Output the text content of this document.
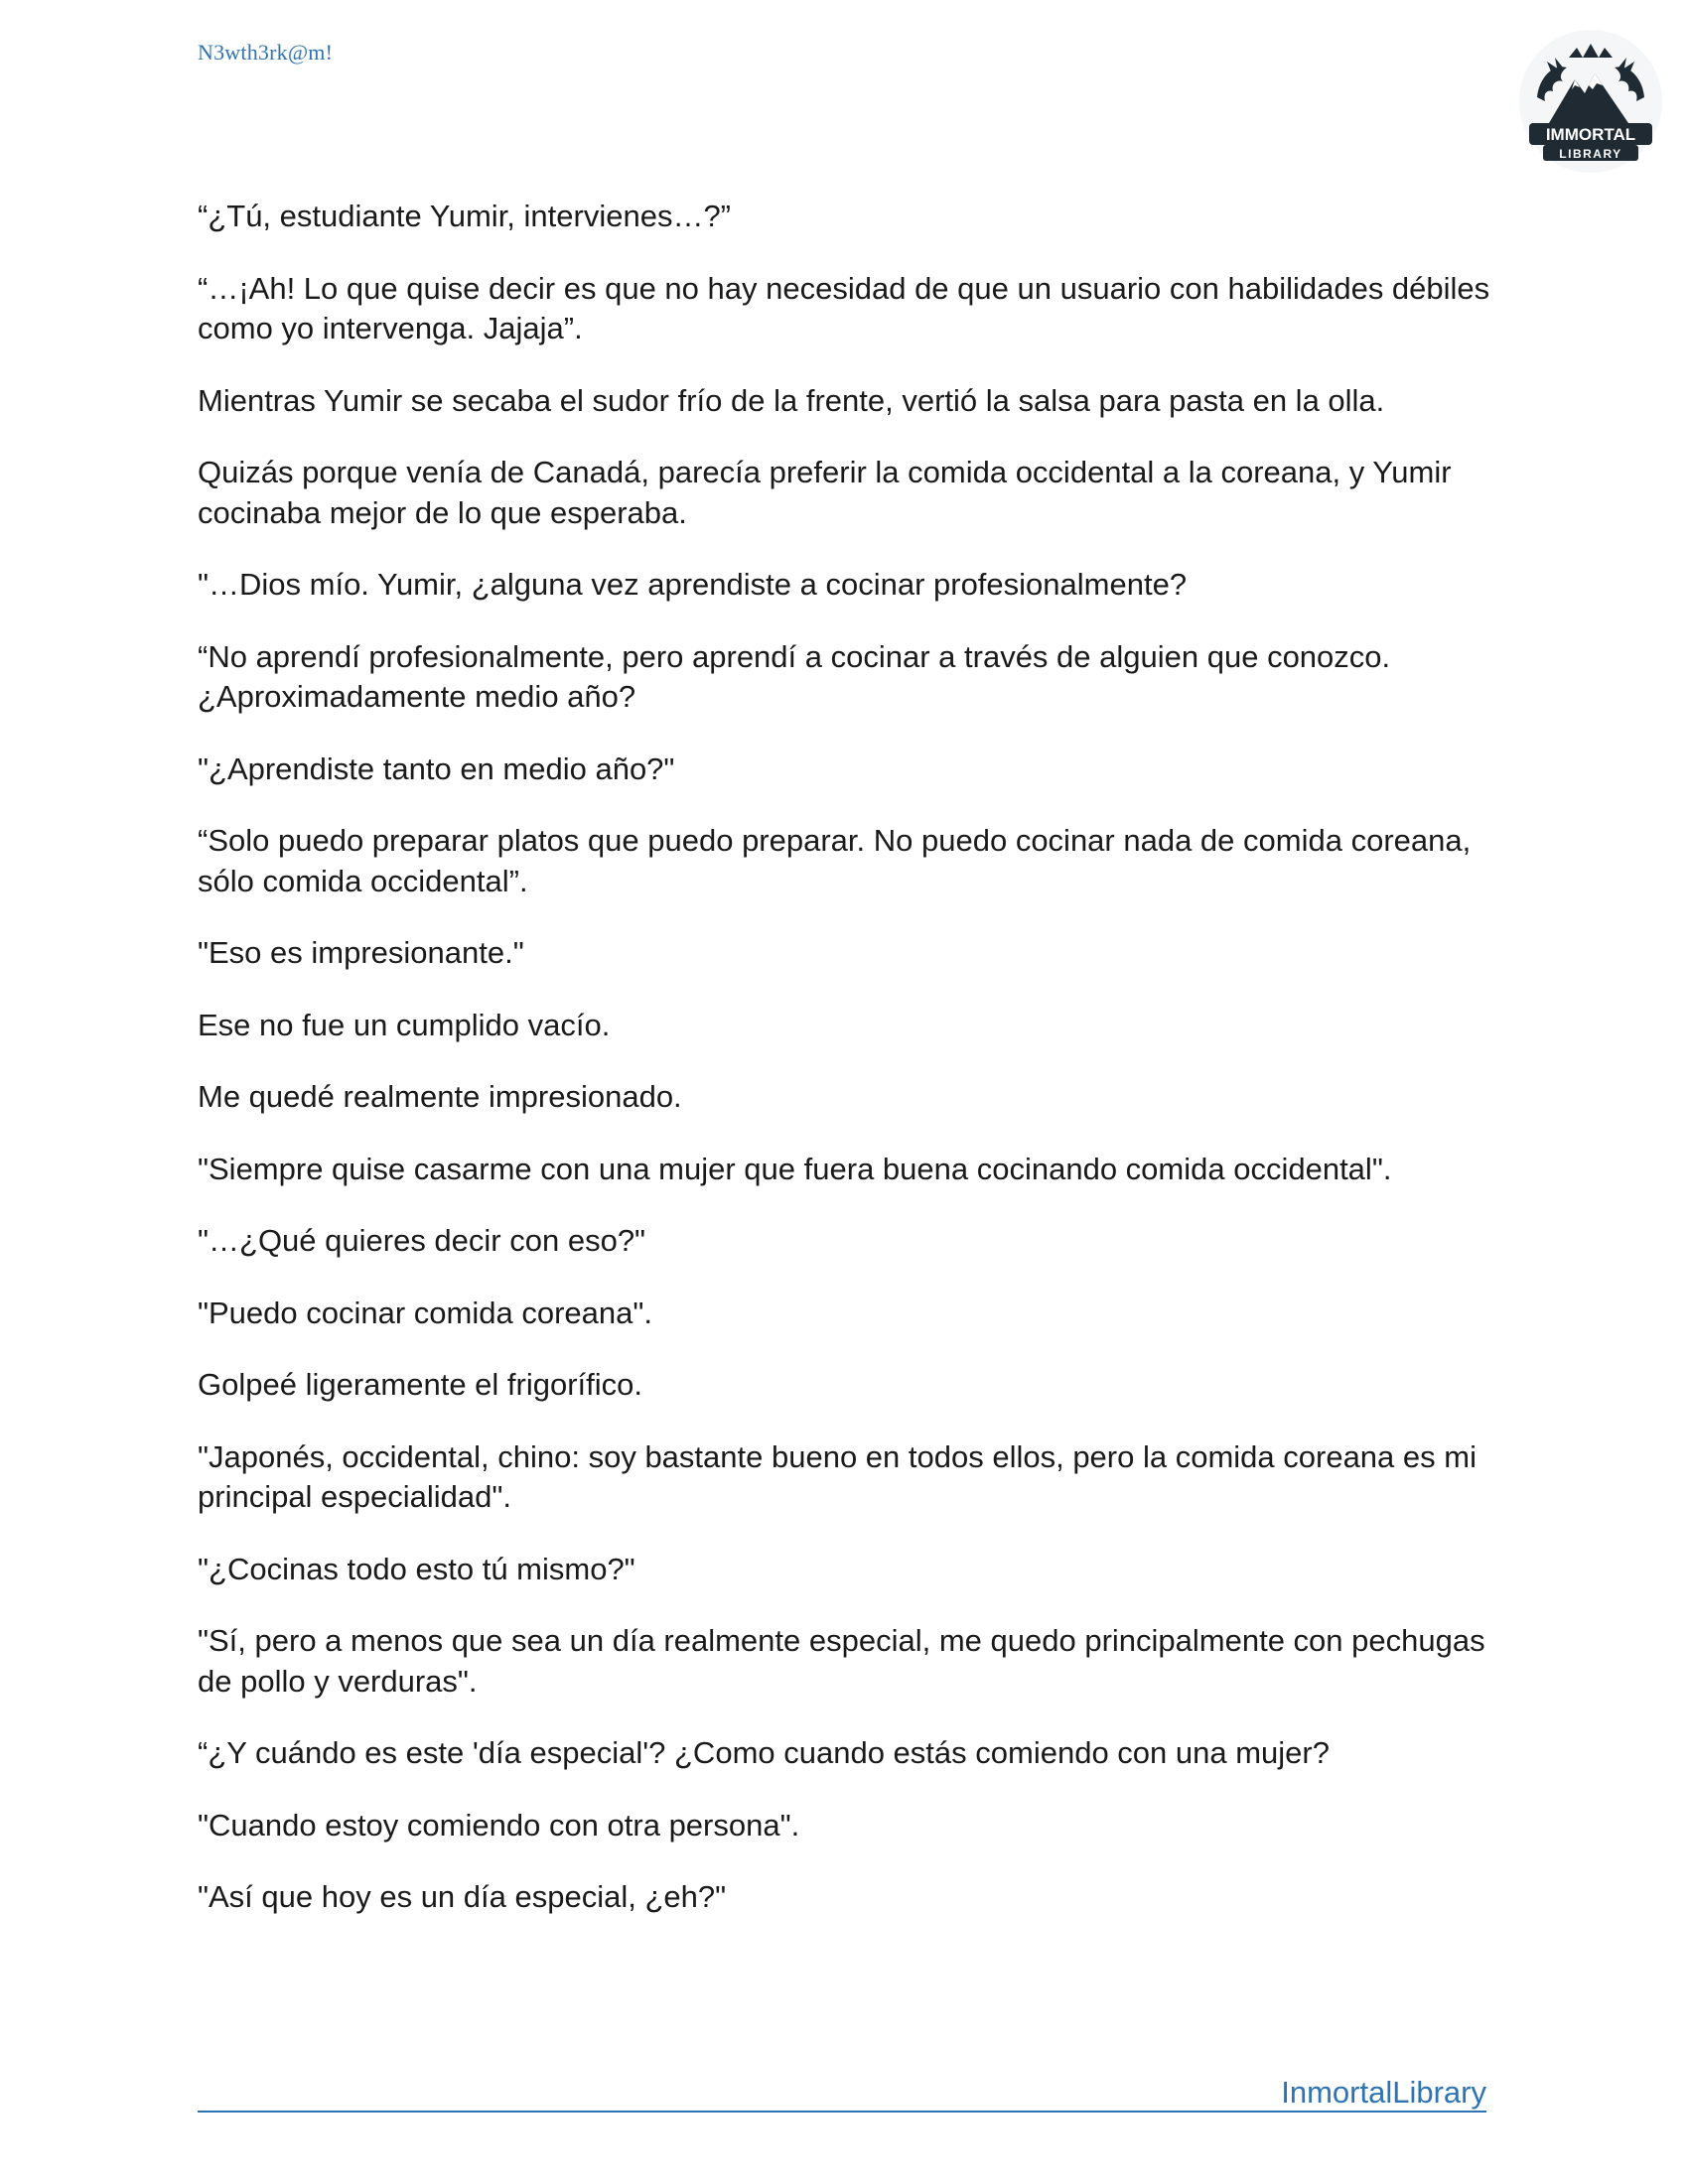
N3wth3rk@m!
IMMORTAL
LIBRARY

“¿Tú, estudiante Yumir, intervienes…?”

“…¡Ah! Lo que quise decir es que no hay necesidad de que un usuario con habilidades débiles como yo intervenga. Jajaja”.

Mientras Yumir se secaba el sudor frío de la frente, vertió la salsa para pasta en la olla.

Quizás porque venía de Canadá, parecía preferir la comida occidental a la coreana, y Yumir cocinaba mejor de lo que esperaba.

"…Dios mío. Yumir, ¿alguna vez aprendiste a cocinar profesionalmente?

“No aprendí profesionalmente, pero aprendí a cocinar a través de alguien que conozco. ¿Aproximadamente medio año?

"¿Aprendiste tanto en medio año?"

“Solo puedo preparar platos que puedo preparar. No puedo cocinar nada de comida coreana, sólo comida occidental”.

"Eso es impresionante."

Ese no fue un cumplido vacío.

Me quedé realmente impresionado.

"Siempre quise casarme con una mujer que fuera buena cocinando comida occidental".

"…¿Qué quieres decir con eso?"

"Puedo cocinar comida coreana".

Golpeé ligeramente el frigorífico.

"Japonés, occidental, chino: soy bastante bueno en todos ellos, pero la comida coreana es mi principal especialidad".

"¿Cocinas todo esto tú mismo?"

"Sí, pero a menos que sea un día realmente especial, me quedo principalmente con pechugas de pollo y verduras".

“¿Y cuándo es este 'día especial'? ¿Como cuando estás comiendo con una mujer?

"Cuando estoy comiendo con otra persona".

"Así que hoy es un día especial, ¿eh?"

InmortalLibrary
